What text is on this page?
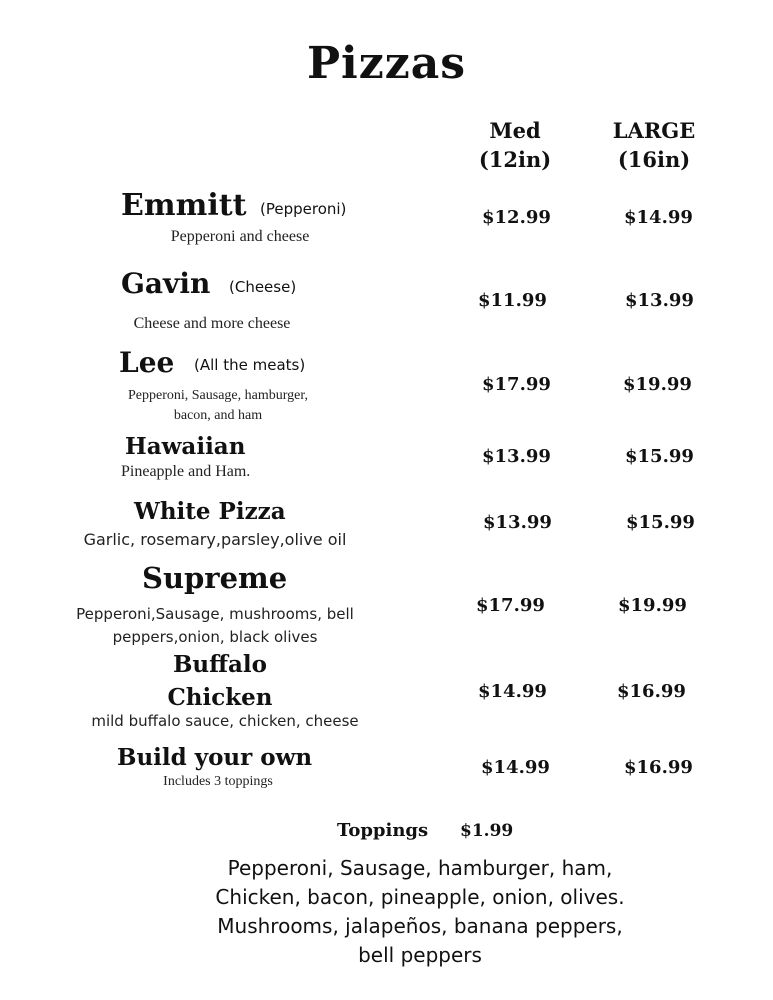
Pizzas
Med
(12in)
LARGE
(16in)
Emmitt (Pepperoni)
Pepperoni and cheese
$12.99	$14.99
Gavin (Cheese)
Cheese and more cheese
$11.99	$13.99
Lee (All the meats)
Pepperoni, Sausage, hamburger,
bacon, and ham
$17.99	$19.99
Hawaiian
Pineapple and Ham.
$13.99	$15.99
White Pizza
Garlic, rosemary,parsley,olive oil
$13.99	$15.99
Supreme
Pepperoni,Sausage, mushrooms, bell
peppers,onion, black olives
$17.99	$19.99
Buffalo
Chicken
mild buffalo sauce, chicken, cheese
$14.99	$16.99
Build your own
Includes 3 toppings
$14.99	$16.99
Toppings $1.99
Pepperoni, Sausage, hamburger, ham,
Chicken, bacon, pineapple, onion, olives.
Mushrooms, jalapeños, banana peppers,
bell peppers
